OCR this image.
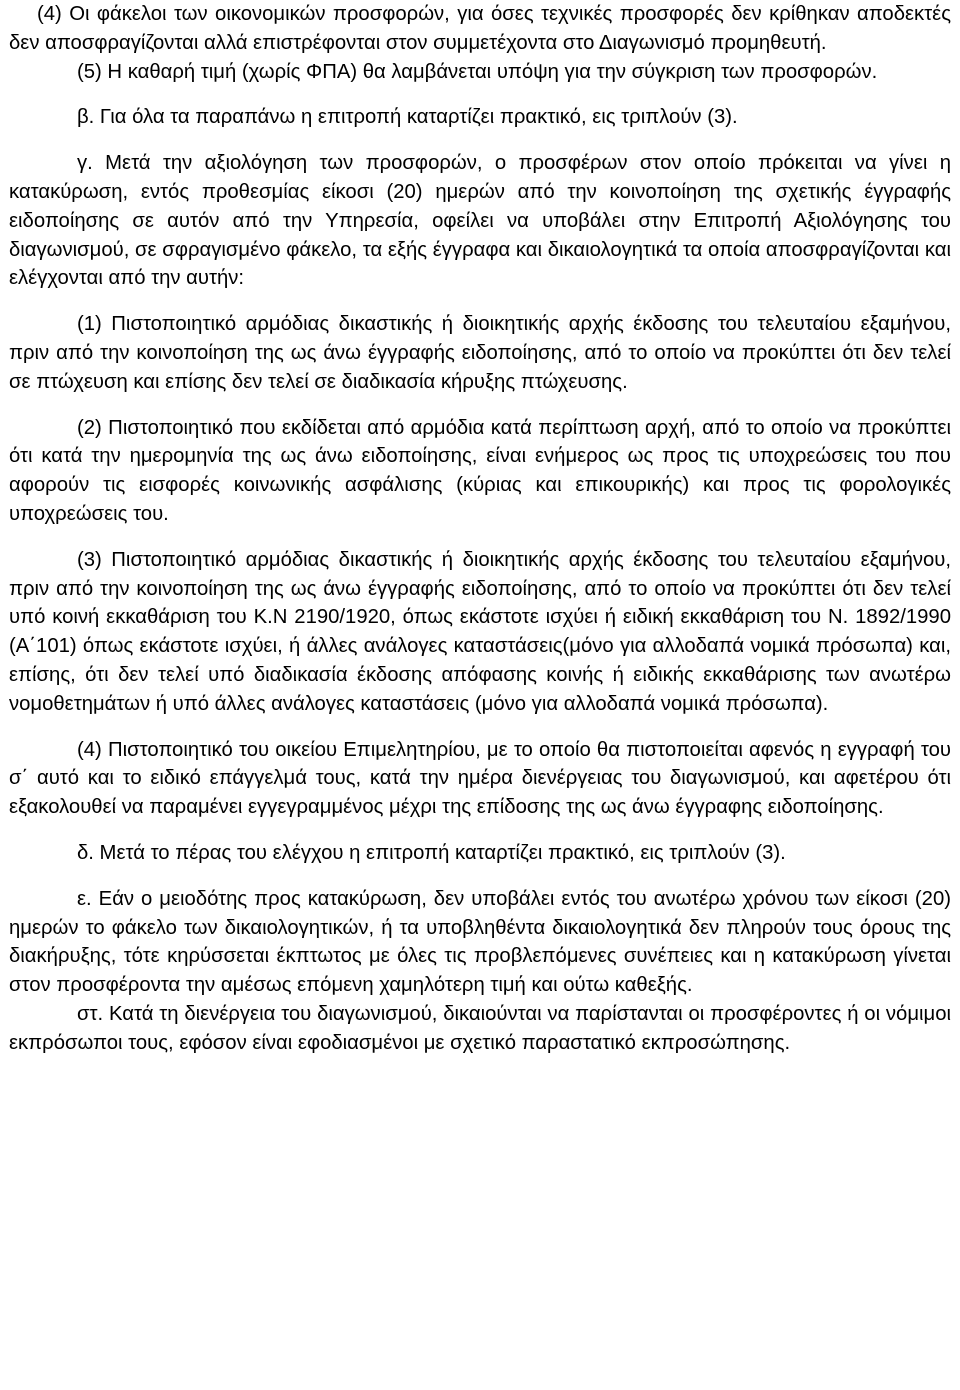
(4) Οι φάκελοι των οικονομικών προσφορών, για όσες τεχνικές προσφορές δεν κρίθηκαν αποδεκτές δεν αποσφραγίζονται αλλά επιστρέφονται στον συμμετέχοντα στο Διαγωνισμό προμηθευτή.

(5) Η καθαρή τιμή (χωρίς ΦΠΑ) θα λαμβάνεται υπόψη για την σύγκριση των προσφορών.

β. Για όλα τα παραπάνω η επιτροπή καταρτίζει πρακτικό, εις τριπλούν (3).

γ. Μετά την αξιολόγηση των προσφορών, ο προσφέρων στον οποίο πρόκειται να γίνει η κατακύρωση, εντός προθεσμίας είκοσι (20) ημερών από την κοινοποίηση της σχετικής έγγραφής ειδοποίησης σε αυτόν από την Υπηρεσία, οφείλει να υποβάλει στην Επιτροπή Αξιολόγησης του διαγωνισμού, σε σφραγισμένο φάκελο, τα εξής έγγραφα και δικαιολογητικά τα οποία αποσφραγίζονται και ελέγχονται από την αυτήν:

(1) Πιστοποιητικό αρμόδιας δικαστικής ή διοικητικής αρχής έκδοσης του τελευταίου εξαμήνου, πριν από την κοινοποίηση της ως άνω έγγραφής ειδοποίησης, από το οποίο να προκύπτει ότι δεν τελεί σε πτώχευση και επίσης δεν τελεί σε διαδικασία κήρυξης πτώχευσης.

(2) Πιστοποιητικό που εκδίδεται από αρμόδια κατά περίπτωση αρχή, από το οποίο να προκύπτει ότι κατά την ημερομηνία της ως άνω ειδοποίησης, είναι ενήμερος ως προς τις υποχρεώσεις του που αφορούν τις εισφορές κοινωνικής ασφάλισης (κύριας και επικουρικής) και προς τις φορολογικές υποχρεώσεις του.

(3) Πιστοποιητικό αρμόδιας δικαστικής ή διοικητικής αρχής έκδοσης του τελευταίου εξαμήνου, πριν από την κοινοποίηση της ως άνω έγγραφής ειδοποίησης, από το οποίο να προκύπτει ότι δεν τελεί υπό κοινή εκκαθάριση του Κ.Ν 2190/1920, όπως εκάστοτε ισχύει ή ειδική εκκαθάριση του Ν. 1892/1990 (Α΄101) όπως εκάστοτε ισχύει, ή άλλες ανάλογες καταστάσεις(μόνο για αλλοδαπά νομικά πρόσωπα) και, επίσης, ότι δεν τελεί υπό διαδικασία έκδοσης απόφασης κοινής ή ειδικής εκκαθάρισης των ανωτέρω νομοθετημάτων ή υπό άλλες ανάλογες καταστάσεις (μόνο για αλλοδαπά νομικά πρόσωπα).

(4) Πιστοποιητικό του οικείου Επιμελητηρίου, με το οποίο θα πιστοποιείται αφενός η εγγραφή του σ΄ αυτό και το ειδικό επάγγελμά τους, κατά την ημέρα διενέργειας του διαγωνισμού, και αφετέρου ότι εξακολουθεί να παραμένει εγγεγραμμένος μέχρι της επίδοσης της ως άνω έγγραφης ειδοποίησης.

δ. Μετά το πέρας του ελέγχου η επιτροπή καταρτίζει πρακτικό, εις τριπλούν (3).

ε. Εάν ο μειοδότης προς κατακύρωση, δεν υποβάλει εντός του ανωτέρω χρόνου των είκοσι (20) ημερών το φάκελο των δικαιολογητικών, ή τα υποβληθέντα δικαιολογητικά δεν πληρούν τους όρους της διακήρυξης, τότε κηρύσσεται έκπτωτος με όλες τις προβλεπόμενες συνέπειες και η κατακύρωση γίνεται στον προσφέροντα την αμέσως επόμενη χαμηλότερη τιμή και ούτω καθεξής.

στ. Κατά τη διενέργεια του διαγωνισμού, δικαιούνται να παρίστανται οι προσφέροντες ή οι νόμιμοι εκπρόσωποι τους, εφόσον είναι εφοδιασμένοι με σχετικό παραστατικό εκπροσώπησης.
